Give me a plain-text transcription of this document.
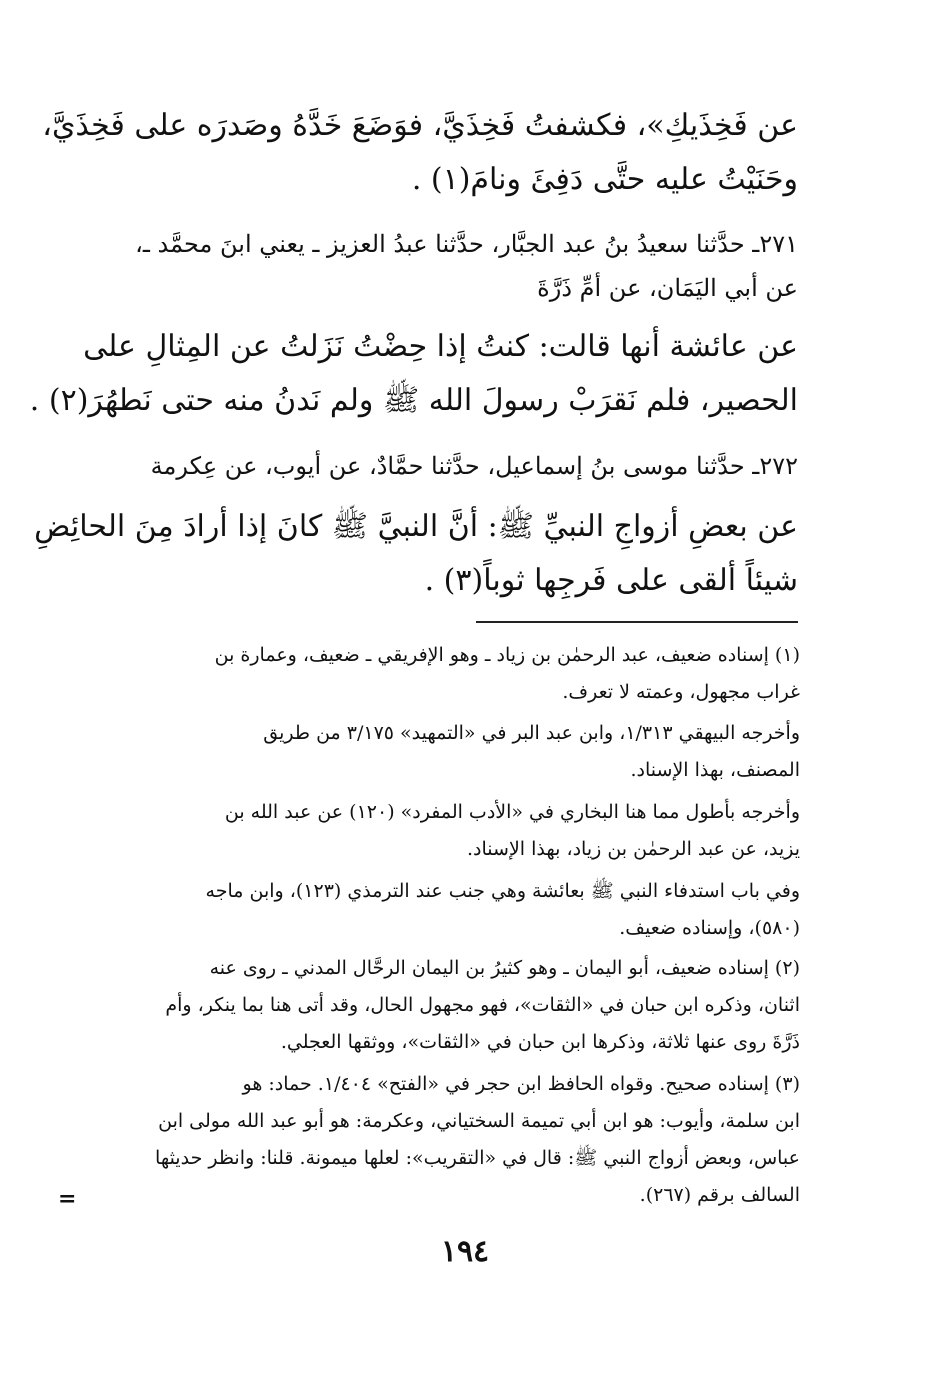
عن فَخِذَيكِ»، فكشفتُ فَخِذَيَّ، فوَضَعَ خَدَّهُ وصَدرَه على فَخِذَيَّ،
وحَنَيْتُ عليه حتَّى دَفِئَ ونامَ(١) .
٢٧١ـ حدَّثنا سعيدُ بنُ عبد الجبَّار، حدَّثنا عبدُ العزيز ـ يعني ابنَ محمَّد ـ،
عن أبي اليَمَان، عن أمِّ ذَرَّةَ
عن عائشة أنها قالت: كنتُ إذا حِضْتُ نَزَلتُ عن المِثالِ على
الحصير، فلم نَقرَبْ رسولَ الله ﷺ ولم نَدنُ منه حتى نَطهُرَ(٢) .
٢٧٢ـ حدَّثنا موسى بنُ إسماعيل، حدَّثنا حمَّادٌ، عن أيوب، عن عِكرمة
عن بعضِ أزواجِ النبيِّ ﷺ: أنَّ النبيَّ ﷺ كانَ إذا أرادَ مِنَ الحائِضِ
شيئاً ألقى على فَرجِها ثوباً(٣) .
(١) إسناده ضعيف، عبد الرحمٰن بن زياد ـ وهو الإفريقي ـ ضعيف، وعمارة بن
غراب مجهول، وعمته لا تعرف.
وأخرجه البيهقي ١/٣١٣، وابن عبد البر في «التمهيد» ٣/١٧٥ من طريق
المصنف، بهذا الإسناد.
وأخرجه بأطول مما هنا البخاري في «الأدب المفرد» (١٢٠) عن عبد الله بن
يزيد، عن عبد الرحمٰن بن زياد، بهذا الإسناد.
وفي باب استدفاء النبي ﷺ بعائشة وهي جنب عند الترمذي (١٢٣)، وابن ماجه
(٥٨٠)، وإسناده ضعيف.
(٢) إسناده ضعيف، أبو اليمان ـ وهو كثيرُ بن اليمان الرحَّال المدني ـ روى عنه
اثنان، وذكره ابن حبان في «الثقات»، فهو مجهول الحال، وقد أتى هنا بما ينكر، وأم
ذَرَّةَ روى عنها ثلاثة، وذكرها ابن حبان في «الثقات»، ووثقها العجلي.
(٣) إسناده صحيح. وقواه الحافظ ابن حجر في «الفتح» ١/٤٠٤. حماد: هو
ابن سلمة، وأيوب: هو ابن أبي تميمة السختياني، وعكرمة: هو أبو عبد الله مولى ابن
عباس، وبعض أزواج النبي ﷺ: قال في «التقريب»: لعلها ميمونة. قلنا: وانظر حديثها
السالف برقم (٢٦٧).
=
١٩٤
